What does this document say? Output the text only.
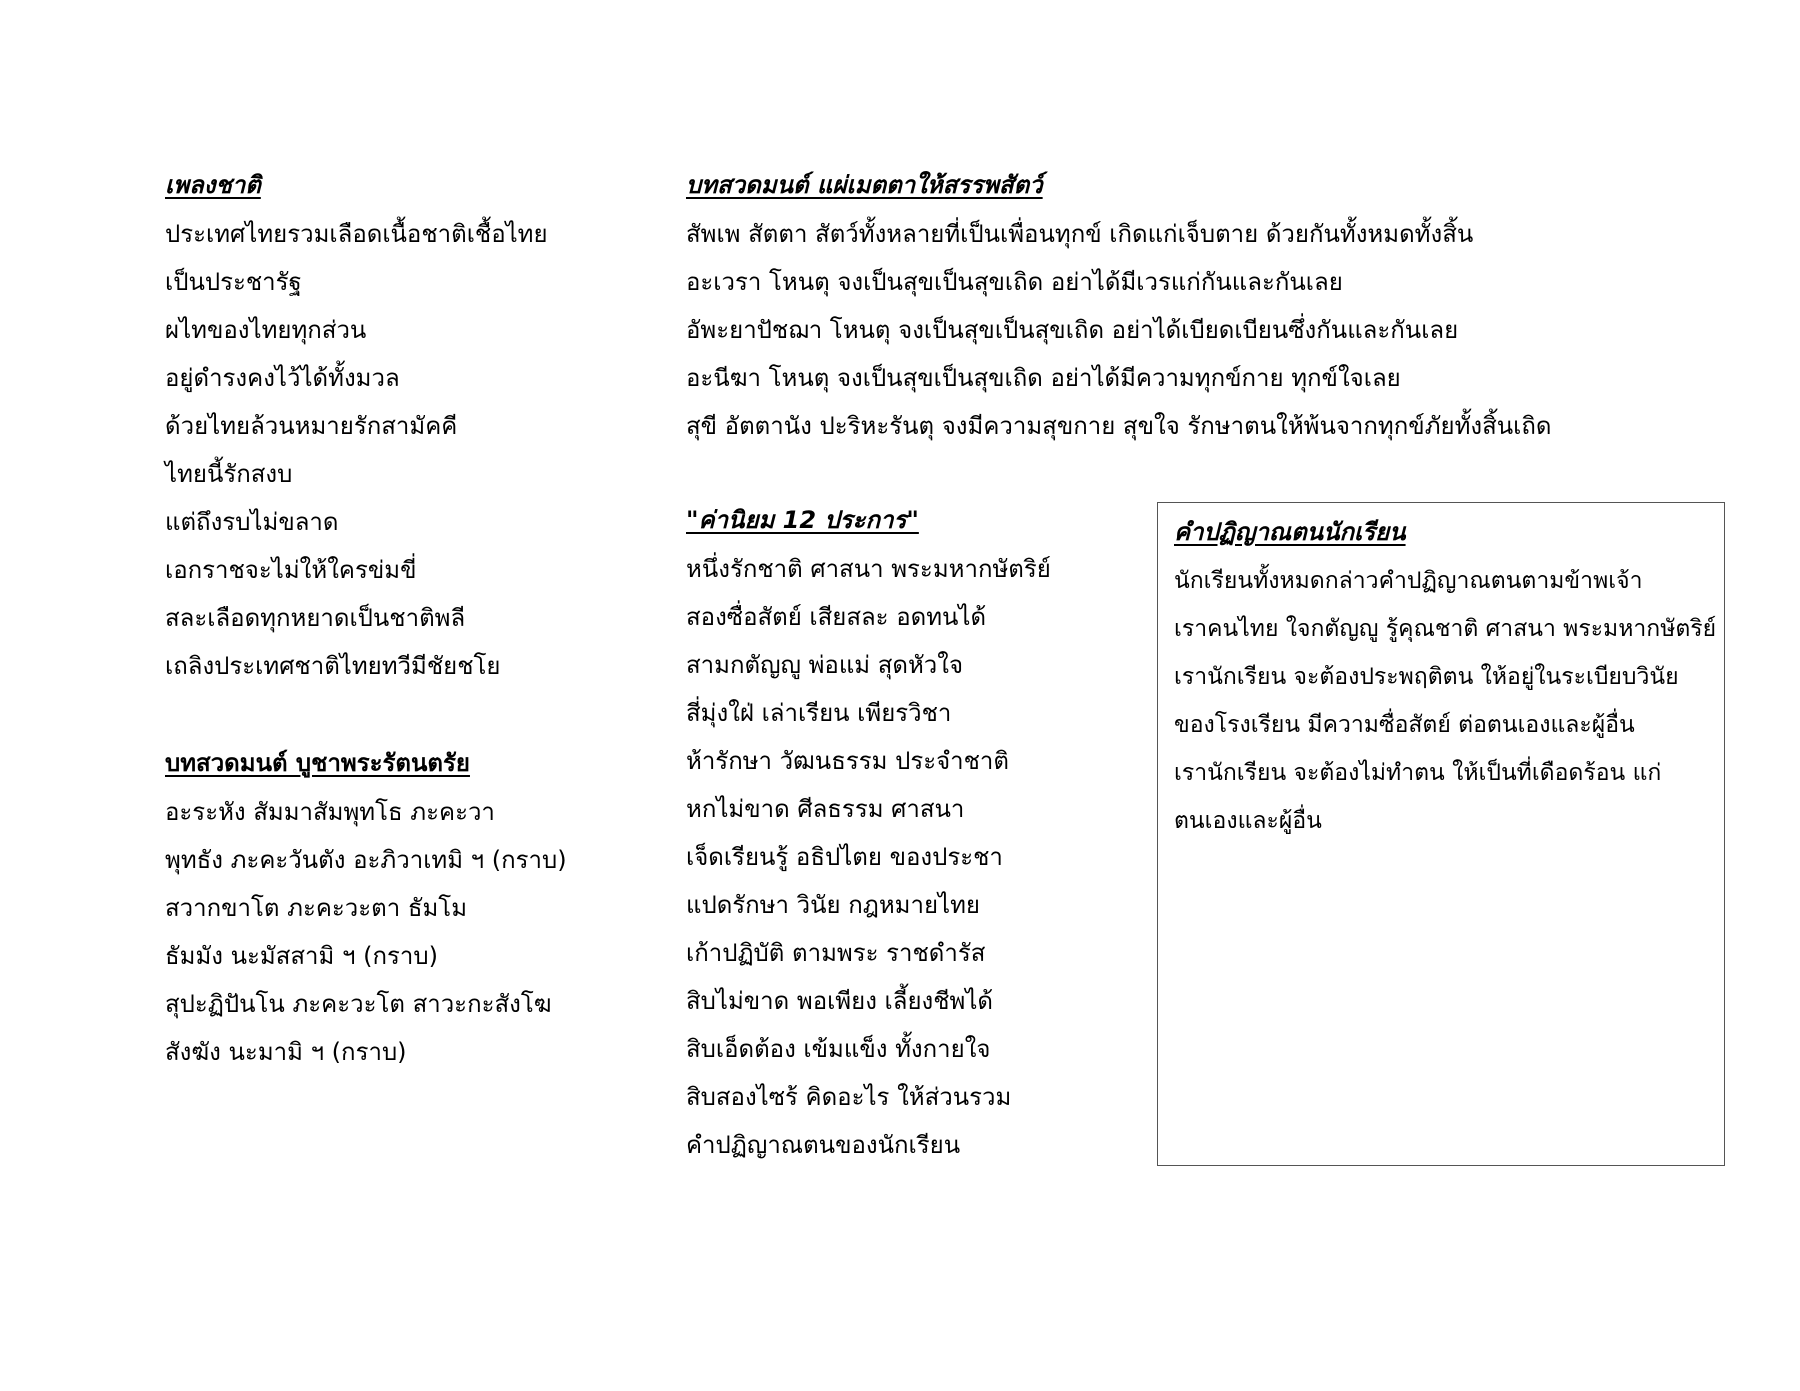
เพลงชาติ
ประเทศไทยรวมเลือดเนื้อชาติเชื้อไทย
เป็นประชารัฐ
ผไทของไทยทุกส่วน
อยู่ดำรงคงไว้ได้ทั้งมวล
ด้วยไทยล้วนหมายรักสามัคคี
ไทยนี้รักสงบ
แต่ถึงรบไม่ขลาด
เอกราชจะไม่ให้ใครข่มขี่
สละเลือดทุกหยาดเป็นชาติพลี
เถลิงประเทศชาติไทยทวีมีชัยชโย
บทสวดมนต์ บูชาพระรัตนตรัย
อะระหัง สัมมาสัมพุทโธ ภะคะวา
พุทธัง ภะคะวันตัง อะภิวาเทมิ ฯ (กราบ)
สวากขาโต ภะคะวะตา ธัมโม
ธัมมัง นะมัสสามิ ฯ (กราบ)
สุปะฏิปันโน ภะคะวะโต สาวะกะสังโฆ
สังฆัง นะมามิ ฯ (กราบ)
บทสวดมนต์ แผ่เมตตาให้สรรพสัตว์
สัพเพ สัตตา สัตว์ทั้งหลายที่เป็นเพื่อนทุกข์ เกิดแก่เจ็บตาย ด้วยกันทั้งหมดทั้งสิ้น
อะเวรา โหนตุ จงเป็นสุขเป็นสุขเถิด อย่าได้มีเวรแก่กันและกันเลย
อัพะยาปัชฌา โหนตุ จงเป็นสุขเป็นสุขเถิด อย่าได้เบียดเบียนซึ่งกันและกันเลย
อะนีฆา โหนตุ จงเป็นสุขเป็นสุขเถิด อย่าได้มีความทุกข์กาย ทุกข์ใจเลย
สุขี อัตตานัง ปะริหะรันตุ จงมีความสุขกาย สุขใจ รักษาตนให้พ้นจากทุกข์ภัยทั้งสิ้นเถิด
"ค่านิยม 12 ประการ"
หนึ่งรักชาติ ศาสนา พระมหากษัตริย์
สองซื่อสัตย์ เสียสละ อดทนได้
สามกตัญญู พ่อแม่ สุดหัวใจ
สี่มุ่งใฝ่ เล่าเรียน เพียรวิชา
ห้ารักษา วัฒนธรรม ประจำชาติ
หกไม่ขาด ศีลธรรม ศาสนา
เจ็ดเรียนรู้ อธิปไตย ของประชา
แปดรักษา วินัย กฎหมายไทย
เก้าปฏิบัติ ตามพระ ราชดำรัส
สิบไม่ขาด พอเพียง เลี้ยงชีพได้
สิบเอ็ดต้อง เข้มแข็ง ทั้งกายใจ
สิบสองไซร้ คิดอะไร ให้ส่วนรวม
คำปฏิญาณตนของนักเรียน
คำปฏิญาณตนนักเรียน
นักเรียนทั้งหมดกล่าวคำปฏิญาณตนตามข้าพเจ้า
เราคนไทย ใจกตัญญู รู้คุณชาติ ศาสนา พระมหากษัตริย์
เรานักเรียน จะต้องประพฤติตน ให้อยู่ในระเบียบวินัย
ของโรงเรียน มีความซื่อสัตย์ ต่อตนเองและผู้อื่น
เรานักเรียน จะต้องไม่ทำตน ให้เป็นที่เดือดร้อน แก่
ตนเองและผู้อื่น
